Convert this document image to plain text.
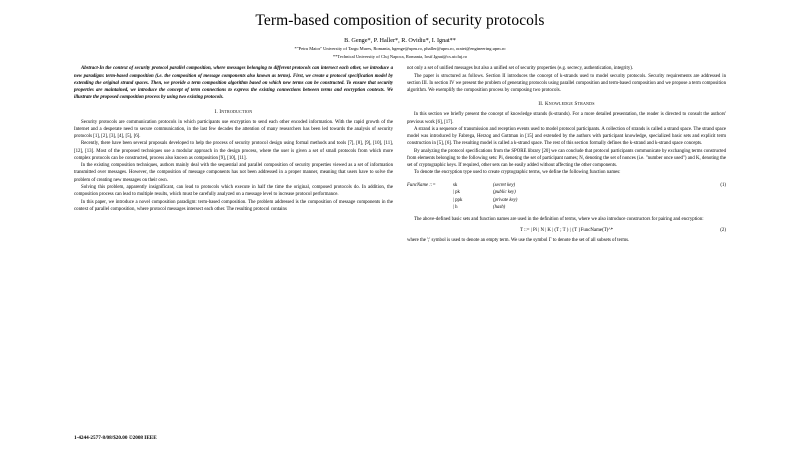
Term-based composition of security protocols
B. Genge*, P. Haller*, R. Ovidiu*, I. Ignat**
*"Petru Maior" University of Targu Mures, Romania, bgenge@upm.ro, phaller@upm.ro, oratei@engineering.upm.ro
**Technical University of Cluj Napoca, Romania, Iosif.Ignat@cs.utcluj.ro
Abstract-In the context of security protocol parallel composition, where messages belonging to different protocols can intersect each other, we introduce a new paradigm: term-based composition (i.e. the composition of message components also known as terms). First, we create a protocol specification model by extending the original strand spaces. Then, we provide a term composition algorithm based on which new terms can be constructed. To ensure that security properties are maintained, we introduce the concept of term connections to express the existing connections between terms and encryption contexts. We illustrate the proposed composition process by using two existing protocols.
I. Introduction

Security protocols are communication protocols in which participants use encryption to send each other encoded information. With the rapid growth of the Internet and a desperate need to secure communication, in the last few decades the attention of many researchers has been led towards the analysis of security protocols [1], [2], [3], [4], [5], [6].

Recently, there have been several proposals developed to help the process of security protocol design using formal methods and tools [7], [8], [9], [10], [11], [12], [13]. Most of the proposed techniques use a modular approach in the design process, where the user is given a set of small protocols from which more complex protocols can be constructed, process also known as composition [9], [10], [11].

In the existing composition techniques, authors mainly deal with the sequential and parallel composition of security properties viewed as a set of information transmitted over messages. However, the composition of message components has not been addressed in a proper manner, meaning that users have to solve the problem of creating new messages on their own.

Solving this problem, apparently insignificant, can lead to protocols which execute in half the time the original, composed protocols do. In addition, the composition process can lead to multiple results, which must be carefully analyzed on a message level to increase protocol performance.

In this paper, we introduce a novel composition paradigm: term-based composition. The problem addressed is the composition of message components in the context of parallel composition, where protocol messages intersect each other. The resulting protocol contains

not only a set of unified messages but also a unified set of security properties (e.g. secrecy, authentication, integrity).

The paper is structured as follows. Section II introduces the concept of k-strands used to model security protocols. Security requirements are addressed in section III. In section IV we present the problem of generating protocols using parallel composition and term-based composition and we propose a term composition algorithm. We exemplify the composition process by composing two protocols.

II. Knowledge Strands

In this section we briefly present the concept of knowledge strands (k-strands). For a more detailed presentation, the reader is directed to consult the authors' previous work [6], [17].

A strand is a sequence of transmission and reception events used to model protocol participants. A collection of strands is called a strand space. The strand space model was introduced by Fabrega, Herzog and Guttman in [15] and extended by the authors with participant knowledge, specialized basic sets and explicit term construction in [5], [6]. The resulting model is called a k-strand space. The rest of this section formally defines the k-strand and k-strand space concepts.

By analyzing the protocol specifications from the SPORE library [20] we can conclude that protocol participants communicate by exchanging terms constructed from elements belonging to the following sets: Pi, denoting the set of participant names; N, denoting the set of nonces (i.e. "number once used") and K, denoting the set of cryptographic keys. If required, other sets can be easily added without affecting the other components.

To denote the encryption type used to create cryptographic terms, we define the following function names:

FuncName ::=	sk	(secret key)	(1)
| pk	(public key)
| ppk	(private key)
| h	(hash)

The above-defined basic sets and function names are used in the definition of terms, where we also introduce constructors for pairing and encryption:

T ::= | Pi | N | K | (T ; T ) | {T }FuncName(T)^*	(2)

where the ';' symbol is used to denote an empty term. We use the symbol Γ to denote the set of all subsets of terms.

1-4244-2577-8/08/$20.00 ©2008 IEEE
